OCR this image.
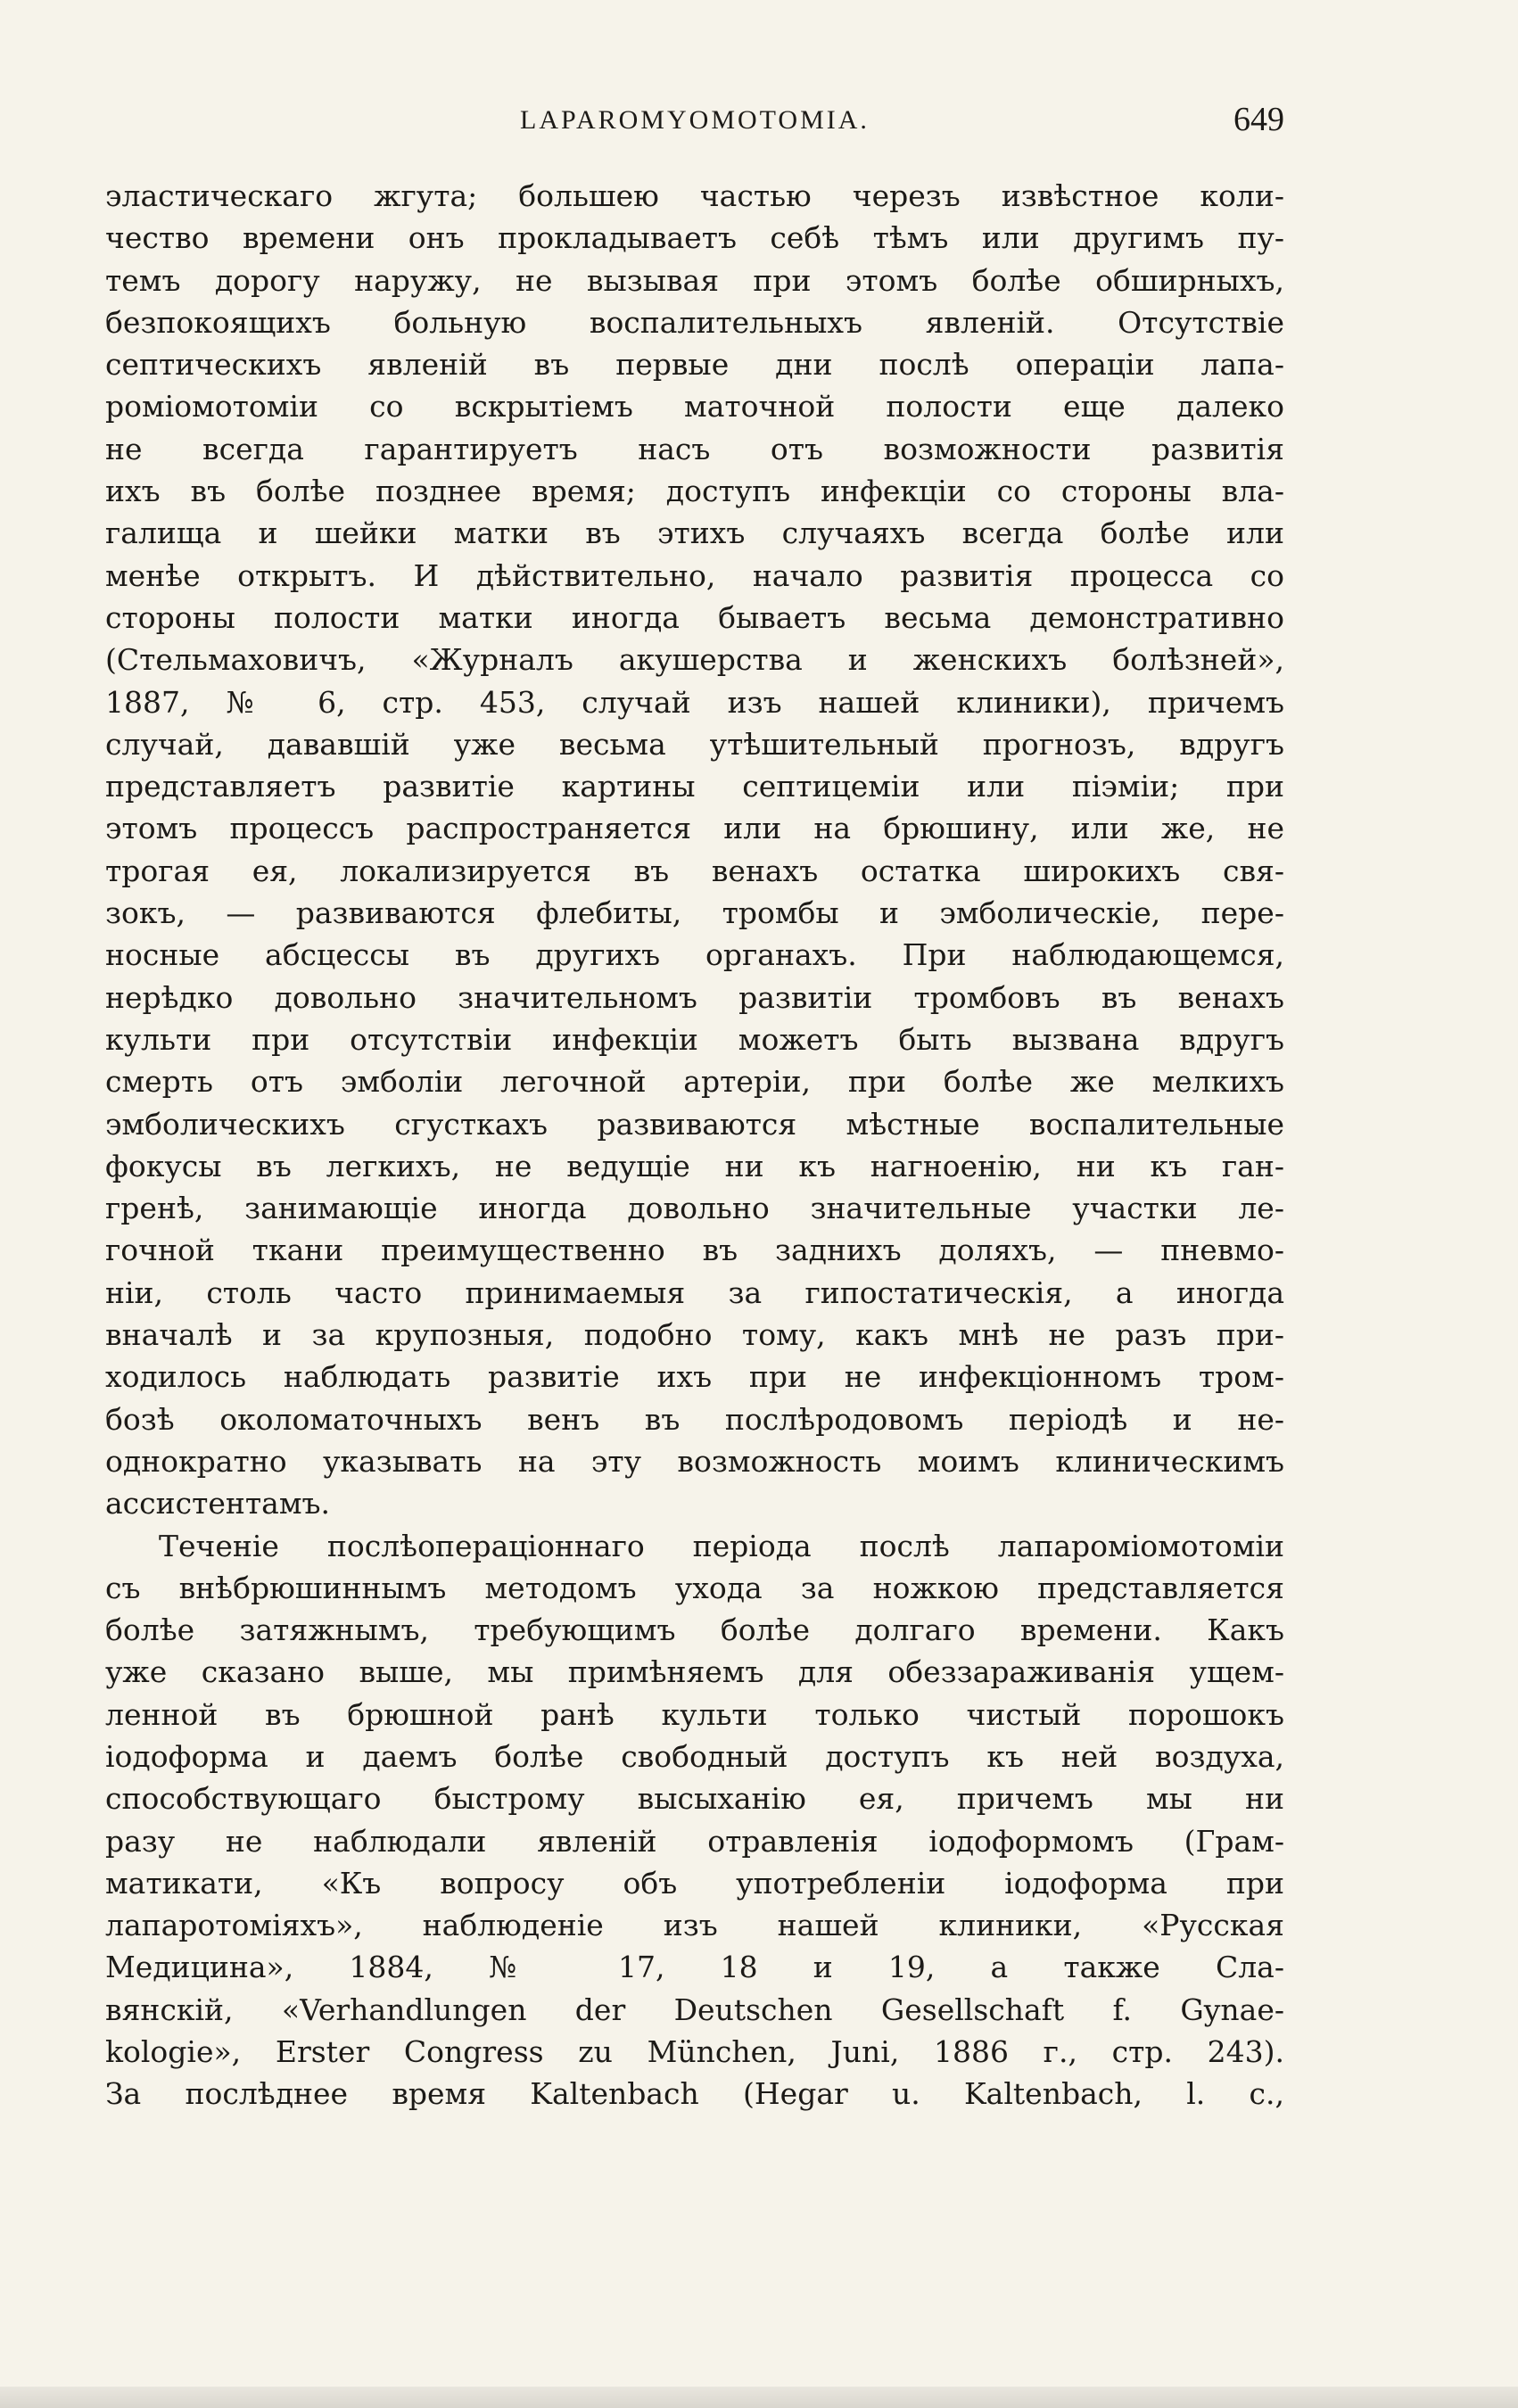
LAPAROMYOMOTOMIA.	649
эластическаго жгута; большею частью черезъ извѣстное коли-
чество времени онъ прокладываетъ себѣ тѣмъ или другимъ пу-
темъ дорогу наружу, не вызывая при этомъ болѣе обширныхъ,
безпокоящихъ больную воспалительныхъ явленій. Отсутствіе
септическихъ явленій въ первые дни послѣ операціи лапа-
роміомотоміи со вскрытіемъ маточной полости еще далеко
не всегда гарантируетъ насъ отъ возможности развитія
ихъ въ болѣе позднее время; доступъ инфекціи со стороны вла-
галища и шейки матки въ этихъ случаяхъ всегда болѣе или
менѣе открытъ. И дѣйствительно, начало развитія процесса со
стороны полости матки иногда бываетъ весьма демонстративно
(Стельмаховичъ, «Журналъ акушерства и женскихъ болѣзней»,
1887, № 6, стр. 453, случай изъ нашей клиники), причемъ
случай, дававшій уже весьма утѣшительный прогнозъ, вдругъ
представляетъ развитіе картины септицеміи или піэміи; при
этомъ процессъ распространяется или на брюшину, или же, не
трогая ея, локализируется въ венахъ остатка широкихъ свя-
зокъ, — развиваются флебиты, тромбы и эмболическіе, пере-
носные абсцессы въ другихъ органахъ. При наблюдающемся,
нерѣдко довольно значительномъ развитіи тромбовъ въ венахъ
культи при отсутствіи инфекціи можетъ быть вызвана вдругъ
смерть отъ эмболіи легочной артеріи, при болѣе же мелкихъ
эмболическихъ сгусткахъ развиваются мѣстные воспалительные
фокусы въ легкихъ, не ведущіе ни къ нагноенію, ни къ ган-
гренѣ, занимающіе иногда довольно значительные участки ле-
гочной ткани преимущественно въ заднихъ доляхъ, — пневмо-
ніи, столь часто принимаемыя за гипостатическія, а иногда
вначалѣ и за крупозныя, подобно тому, какъ мнѣ не разъ при-
ходилось наблюдать развитіе ихъ при не инфекціонномъ тром-
бозѣ околоматочныхъ венъ въ послѣродовомъ періодѣ и не-
однократно указывать на эту возможность моимъ клиническимъ
ассистентамъ.
Теченіе послѣопераціоннаго періода послѣ лапароміомотоміи
съ внѣбрюшиннымъ методомъ ухода за ножкою представляется
болѣе затяжнымъ, требующимъ болѣе долгаго времени. Какъ
уже сказано выше, мы примѣняемъ для обеззараживанія ущем-
ленной въ брюшной ранѣ культи только чистый порошокъ
іодоформа и даемъ болѣе свободный доступъ къ ней воздуха,
способствующаго быстрому высыханію ея, причемъ мы ни
разу не наблюдали явленій отравленія іодоформомъ (Грам-
матикати, «Къ вопросу объ употребленіи іодоформа при
лапаротоміяхъ», наблюденіе изъ нашей клиники, «Русская
Медицина», 1884, № 17, 18 и 19, а также Сла-
вянскій, «Verhandlungen der Deutschen Gesellschaft f. Gynae-
kologie», Erster Congress zu München, Juni, 1886 г., стр. 243).
За послѣднее время Kaltenbach (Hegar u. Kaltenbach, l. c.,
